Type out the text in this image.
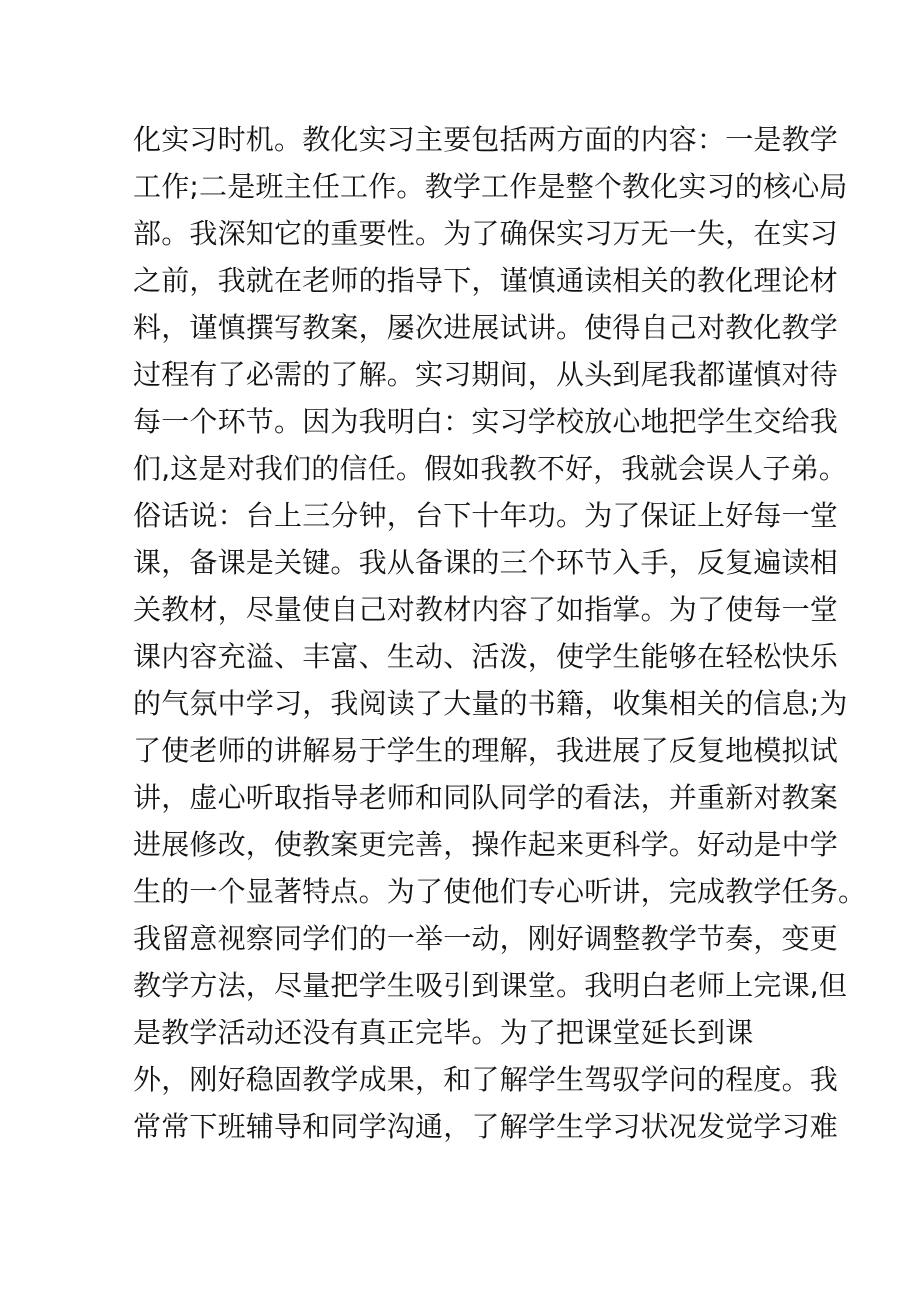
化实习时机。教化实习主要包括两方面的内容：一是教学
工作;二是班主任工作。教学工作是整个教化实习的核心局
部。我深知它的重要性。为了确保实习万无一失，在实习
之前，我就在老师的指导下，谨慎通读相关的教化理论材
料，谨慎撰写教案，屡次进展试讲。使得自己对教化教学
过程有了必需的了解。实习期间，从头到尾我都谨慎对待
每一个环节。因为我明白：实习学校放心地把学生交给我
们,这是对我们的信任。假如我教不好，我就会误人子弟。
俗话说：台上三分钟，台下十年功。为了保证上好每一堂
课，备课是关键。我从备课的三个环节入手，反复遍读相
关教材，尽量使自己对教材内容了如指掌。为了使每一堂
课内容充溢、丰富、生动、活泼，使学生能够在轻松快乐
的气氛中学习，我阅读了大量的书籍，收集相关的信息;为
了使老师的讲解易于学生的理解，我进展了反复地模拟试
讲，虚心听取指导老师和同队同学的看法，并重新对教案
进展修改，使教案更完善，操作起来更科学。好动是中学
生的一个显著特点。为了使他们专心听讲，完成教学任务。
我留意视察同学们的一举一动，刚好调整教学节奏，变更
教学方法，尽量把学生吸引到课堂。我明白老师上完课,但
是教学活动还没有真正完毕。为了把课堂延长到课
外，刚好稳固教学成果，和了解学生驾驭学问的程度。我
常常下班辅导和同学沟通，了解学生学习状况发觉学习难
